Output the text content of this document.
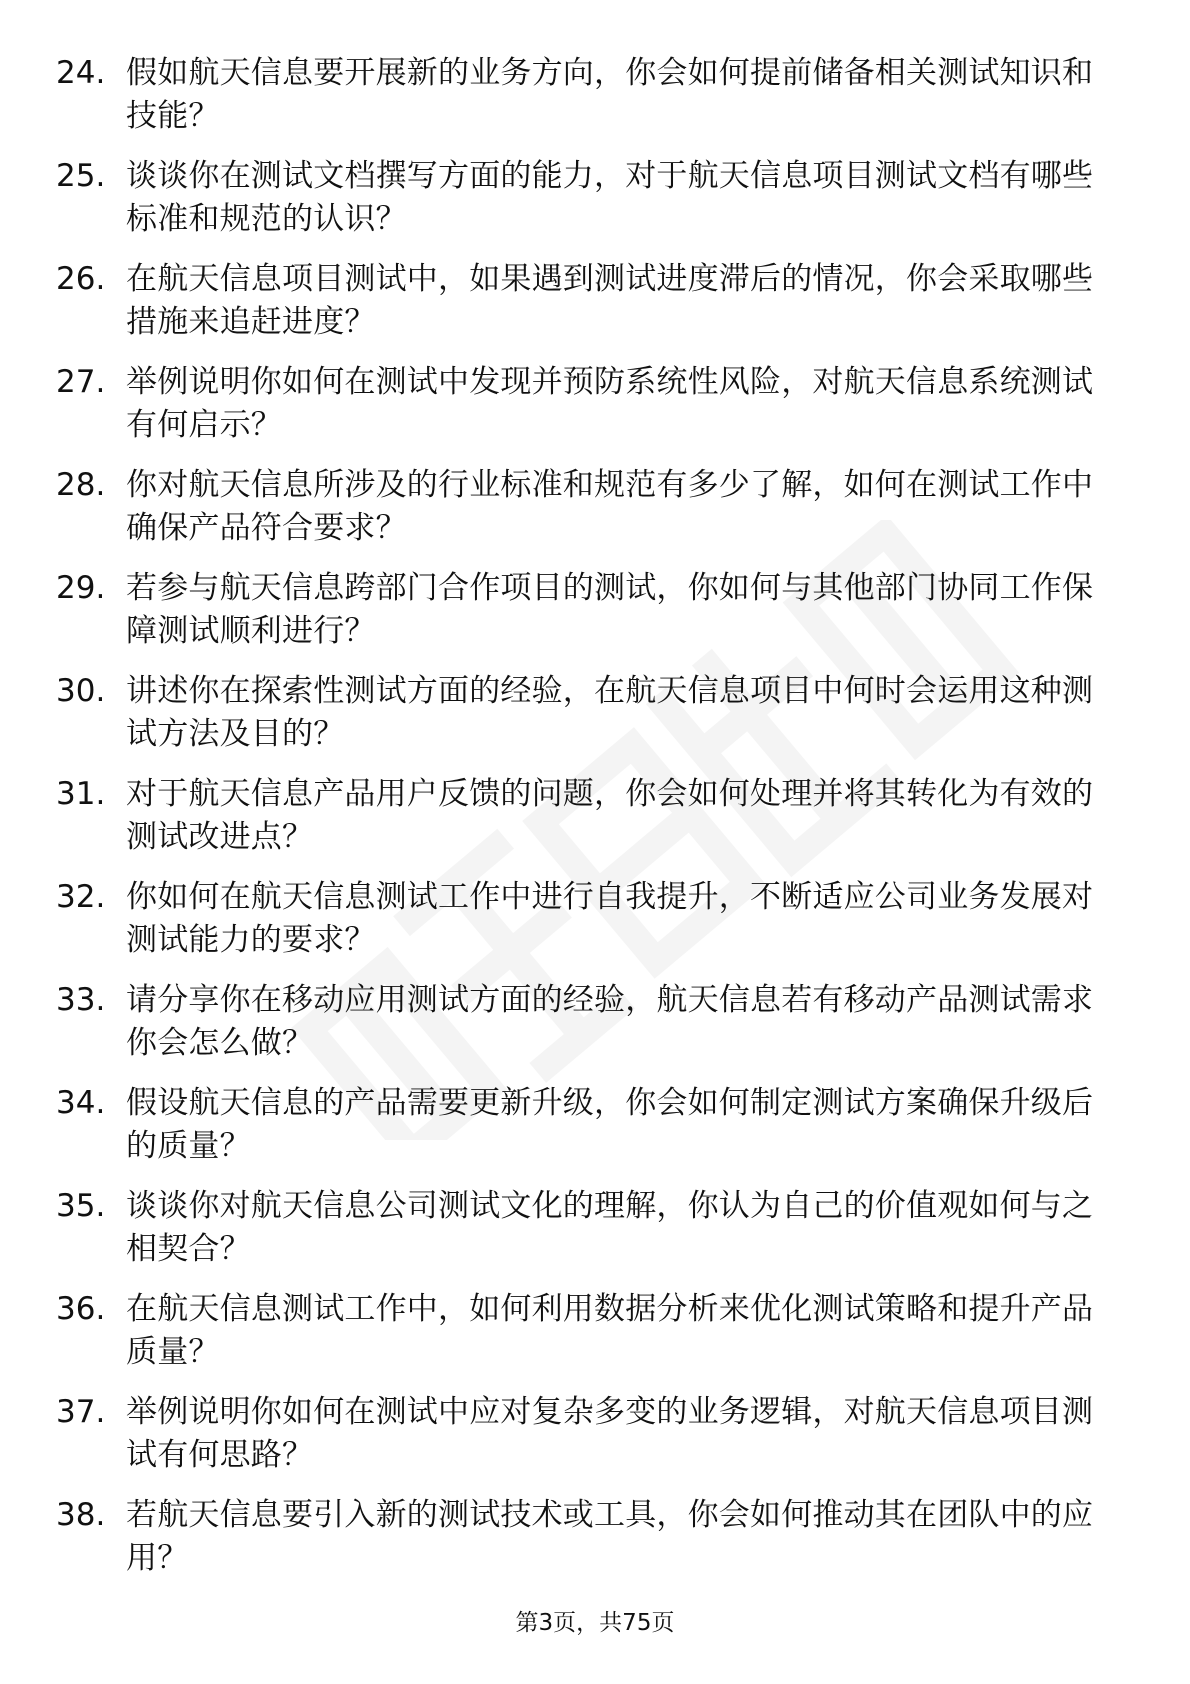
24. 假如航天信息要开展新的业务方向，你会如何提前储备相关测试知识和技能？
25. 谈谈你在测试文档撰写方面的能力，对于航天信息项目测试文档有哪些标准和规范的认识？
26. 在航天信息项目测试中，如果遇到测试进度滞后的情况，你会采取哪些措施来追赶进度？
27. 举例说明你如何在测试中发现并预防系统性风险，对航天信息系统测试有何启示？
28. 你对航天信息所涉及的行业标准和规范有多少了解，如何在测试工作中确保产品符合要求？
29. 若参与航天信息跨部门合作项目的测试，你如何与其他部门协同工作保障测试顺利进行？
30. 讲述你在探索性测试方面的经验，在航天信息项目中何时会运用这种测试方法及目的？
31. 对于航天信息产品用户反馈的问题，你会如何处理并将其转化为有效的测试改进点？
32. 你如何在航天信息测试工作中进行自我提升，不断适应公司业务发展对测试能力的要求？
33. 请分享你在移动应用测试方面的经验，航天信息若有移动产品测试需求你会怎么做？
34. 假设航天信息的产品需要更新升级，你会如何制定测试方案确保升级后的质量？
35. 谈谈你对航天信息公司测试文化的理解，你认为自己的价值观如何与之相契合？
36. 在航天信息测试工作中，如何利用数据分析来优化测试策略和提升产品质量？
37. 举例说明你如何在测试中应对复杂多变的业务逻辑，对航天信息项目测试有何思路？
38. 若航天信息要引入新的测试技术或工具，你会如何推动其在团队中的应用？
第3页，共75页
